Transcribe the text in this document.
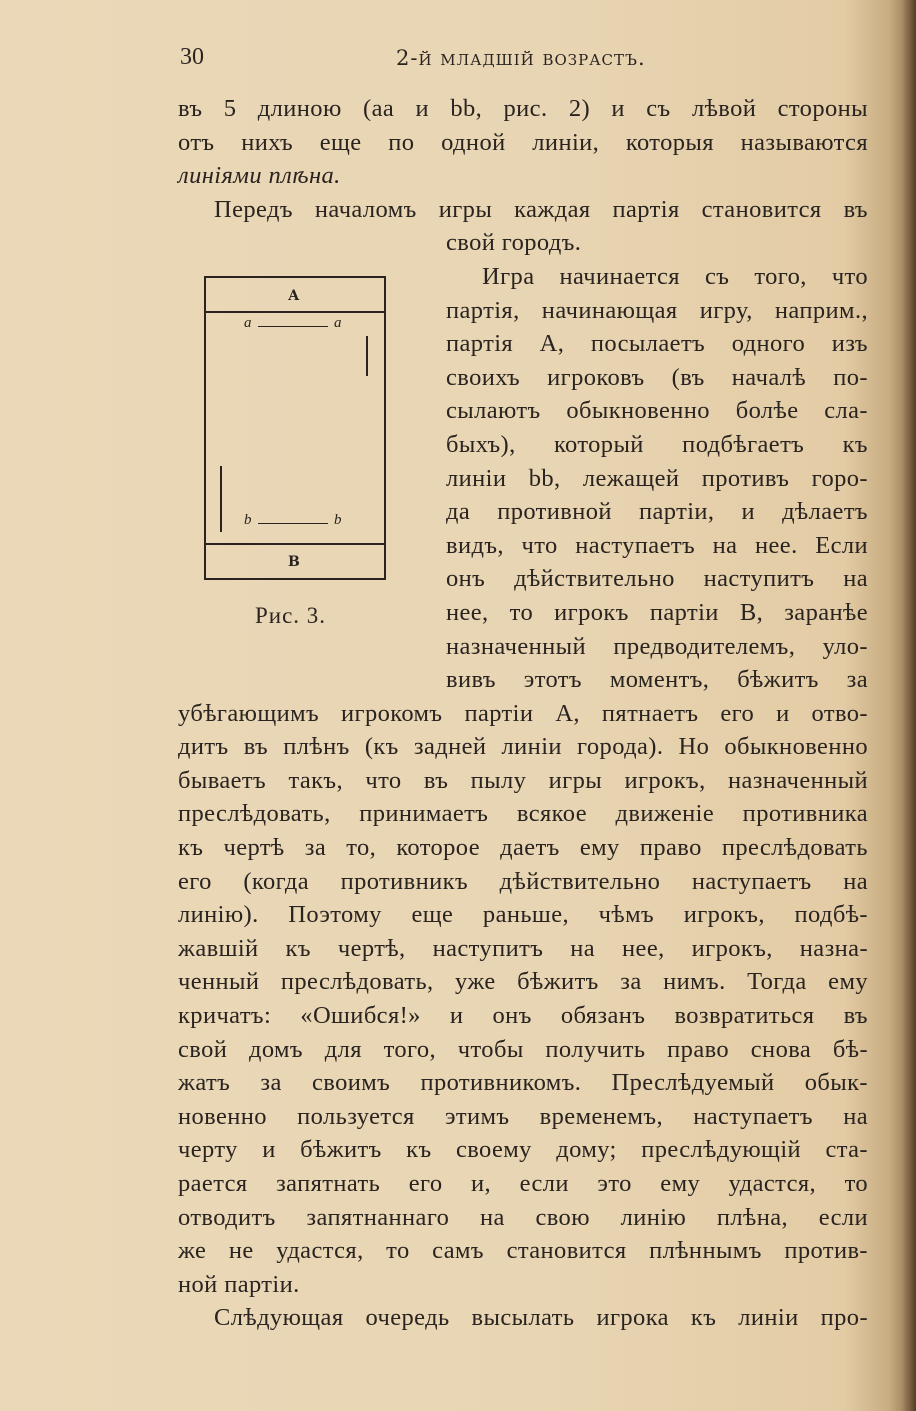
30	2-й младшій возрастъ.
въ 5 длиною (аа и bb, рис. 2) и съ лѣвой стороны
отъ нихъ еще по одной линіи, которыя называются
линіями плѣна.
Передъ началомъ игры каждая партія становится въ
свой городъ.
Игра начинается съ того, что
партія, начинающая игру, наприм.,
партія А, посылаетъ одного изъ
своихъ игроковъ (въ началѣ по-
сылаютъ обыкновенно болѣе сла-
быхъ), который подбѣгаетъ къ
линіи bb, лежащей противъ горо-
да противной партіи, и дѣлаетъ
видъ, что наступаетъ на нее. Если
онъ дѣйствительно наступитъ на
нее, то игрокъ партіи В, заранѣе
назначенный предводителемъ, уло-
вивъ этотъ моментъ, бѣжитъ за
убѣгающимъ игрокомъ партіи А, пятнаетъ его и отво-
дитъ въ плѣнъ (къ задней линіи города). Но обыкновенно
бываетъ такъ, что въ пылу игры игрокъ, назначенный
преслѣдовать, принимаетъ всякое движеніе противника
къ чертѣ за то, которое даетъ ему право преслѣдовать
его (когда противникъ дѣйствительно наступаетъ на
линію). Поэтому еще раньше, чѣмъ игрокъ, подбѣ-
жавшій къ чертѣ, наступитъ на нее, игрокъ, назна-
ченный преслѣдовать, уже бѣжитъ за нимъ. Тогда ему
кричатъ: «Ошибся!» и онъ обязанъ возвратиться въ
свой домъ для того, чтобы получить право снова бѣ-
жатъ за своимъ противникомъ. Преслѣдуемый обык-
новенно пользуется этимъ временемъ, наступаетъ на
черту и бѣжитъ къ своему дому; преслѣдующій ста-
рается запятнать его и, если это ему удастся, то
отводитъ запятнаннаго на свою линію плѣна, если
же не удастся, то самъ становится плѣннымъ против-
ной партіи.
Слѣдующая очередь высылать игрока къ линіи про-
А
В
a	a
b	b
Рис. 3.
